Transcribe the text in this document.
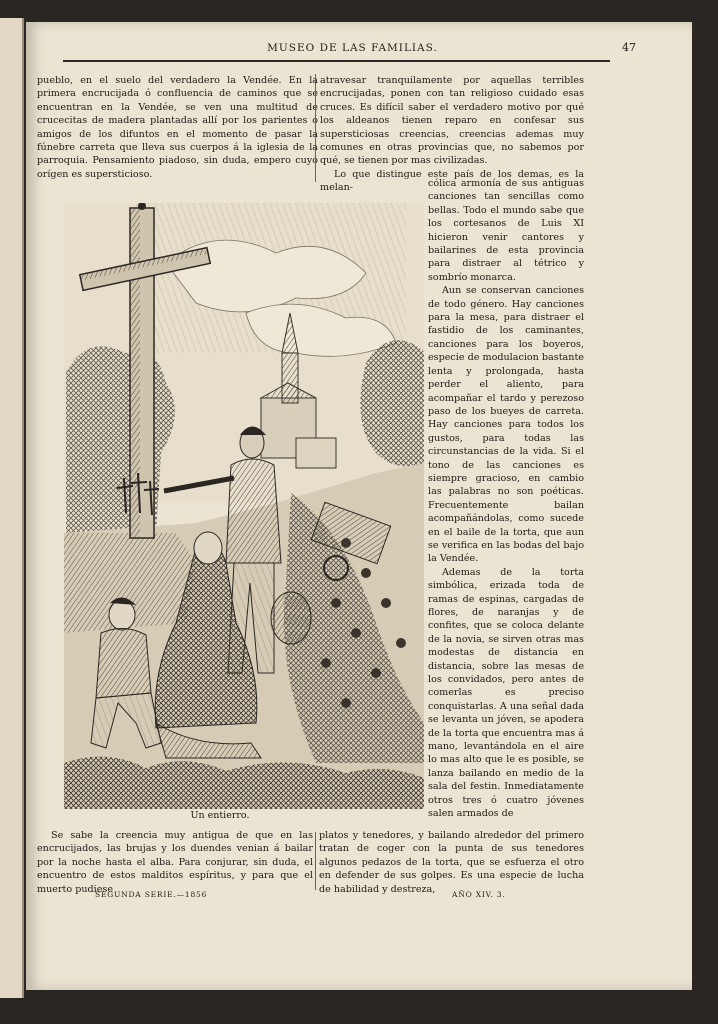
MUSEO DE LAS FAMILIAS.	47

pueblo, en el suelo del verdadero la Vendée. En la primera encrucijada ó confluencia de caminos que se encuentran en la Vendée, se ven una multitud de crucecitas de madera plantadas allí por los parientes ó amigos de los difuntos en el momento de pasar la fúnebre carreta que lleva sus cuerpos á la iglesia de la parroquia. Pensamiento piadoso, sin duda, empero cuyo orígen es supersticioso.

atravesar tranquilamente por aquellas terribles encrucijadas, ponen con tan religioso cuidado esas cruces. Es difícil saber el verdadero motivo por qué los aldeanos tienen reparo en confesar sus supersticiosas creencias, creencias ademas muy comunes en otras provincias que, no sabemos por qué, se tienen por mas civilizadas.

Lo que distingue este país de los demas, es la melan-	cólica armonía de sus antiguas canciones tan sencillas como bellas. Todo el mundo sabe que los cortesanos de Luis XI hicieron venir cantores y bailarines de esta provincia para distraer al tétrico y sombrío monarca.

Aun se conservan canciones de todo género. Hay canciones para la mesa, para distraer el fastidio de los caminantes, canciones para los boyeros, especie de modulacion bastante lenta y prolongada, hasta perder el aliento, para acompañar el tardo y perezoso paso de los bueyes de carreta. Hay canciones para todos los gustos, para todas las circunstancias de la vida. Si el tono de las canciones es siempre gracioso, en cambio las palabras no son poéticas. Frecuentemente bailan acompañándolas, como sucede en el baile de la torta, que aun se verifica en las bodas del bajo la Vendée.

Ademas de la torta simbólica, erizada toda de ramas de espinas, cargadas de flores, de naranjas y de confites, que se coloca delante de la novia, se sirven otras mas modestas de distancia en distancia, sobre las mesas de los convidados, pero antes de comerlas es preciso conquistarlas. A una señal dada se levanta un jóven, se apodera de la torta que encuentra mas á mano, levantándola en el aire lo mas alto que le es posible, se lanza bailando en medio de la sala del festin. Inmediatamente otros tres ó cuatro jóvenes salen armados de

Un entierro.

Se sabe la creencia muy antigua de que en las encrucijados, las brujas y los duendes venian á bailar por la noche hasta el alba. Para conjurar, sin duda, el encuentro de estos malditos espíritus, y para que el muerto pudiese

platos y tenedores, y bailando alrededor del primero tratan de coger con la punta de sus tenedores algunos pedazos de la torta, que se esfuerza el otro en defender de sus golpes. Es una especie de lucha de habilidad y destreza,

SEGUNDA SERIE.—1856	AÑO XIV. 3.
